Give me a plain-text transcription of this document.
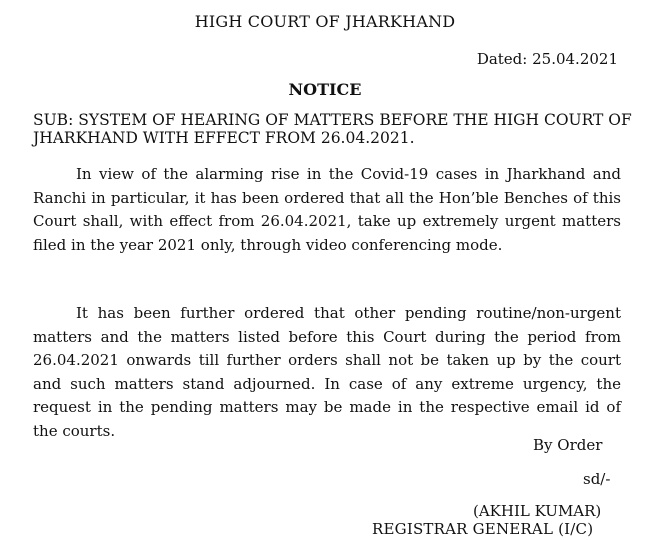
HIGH COURT OF JHARKHAND
Dated: 25.04.2021
NOTICE
SUB: SYSTEM OF HEARING OF MATTERS BEFORE THE HIGH COURT OF JHARKHAND WITH EFFECT FROM 26.04.2021.

In view of the alarming rise in the Covid-19 cases in Jharkhand and Ranchi in particular, it has been ordered that all the Hon’ble Benches of this Court shall, with effect from 26.04.2021, take up extremely urgent matters filed in the year 2021 only, through video conferencing mode.

It has been further ordered that other pending routine/non-urgent matters and the matters listed before this Court during the period from 26.04.2021 onwards till further orders shall not be taken up by the court and such matters stand adjourned. In case of any extreme urgency, the request in the pending matters may be made in the respective email id of the courts.

By Order
sd/-
(AKHIL KUMAR)
REGISTRAR GENERAL (I/C)
